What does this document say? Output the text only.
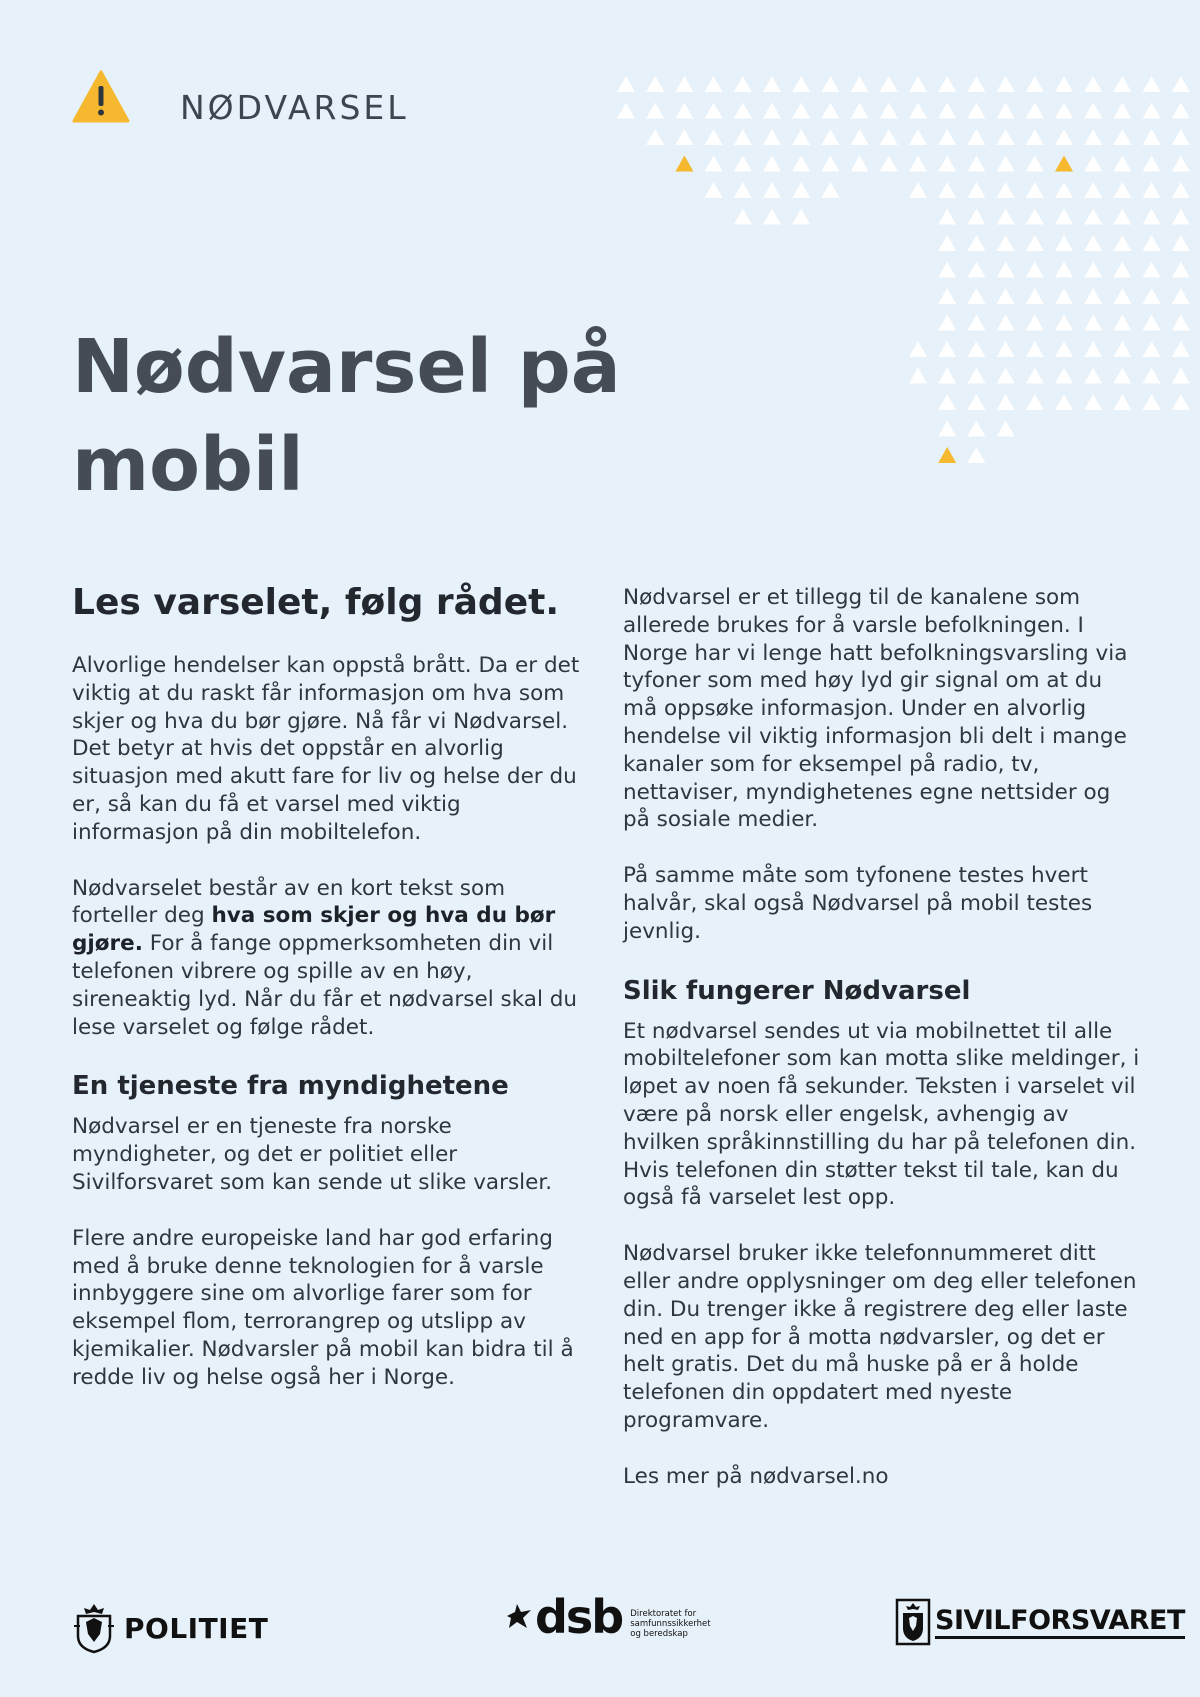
NØDVARSEL
Nødvarsel på
mobil
Les varselet, følg rådet.

Alvorlige hendelser kan oppstå brått. Da er det viktig at du raskt får informasjon om hva som skjer og hva du bør gjøre. Nå får vi Nødvarsel. Det betyr at hvis det oppstår en alvorlig situasjon med akutt fare for liv og helse der du er, så kan du få et varsel med viktig informasjon på din mobiltelefon.

Nødvarselet består av en kort tekst som forteller deg hva som skjer og hva du bør gjøre. For å fange oppmerksomheten din vil telefonen vibrere og spille av en høy, sireneaktig lyd. Når du får et nødvarsel skal du lese varselet og følge rådet.

En tjeneste fra myndighetene

Nødvarsel er en tjeneste fra norske myndigheter, og det er politiet eller Sivilforsvaret som kan sende ut slike varsler.

Flere andre europeiske land har god erfaring med å bruke denne teknologien for å varsle innbyggere sine om alvorlige farer som for eksempel flom, terrorangrep og utslipp av kjemikalier. Nødvarsler på mobil kan bidra til å redde liv og helse også her i Norge.

Nødvarsel er et tillegg til de kanalene som allerede brukes for å varsle befolkningen. I Norge har vi lenge hatt befolkningsvarsling via tyfoner som med høy lyd gir signal om at du må oppsøke informasjon. Under en alvorlig hendelse vil viktig informasjon bli delt i mange kanaler som for eksempel på radio, tv, nettaviser, myndighetenes egne nettsider og på sosiale medier.

På samme måte som tyfonene testes hvert halvår, skal også Nødvarsel på mobil testes jevnlig.

Slik fungerer Nødvarsel

Et nødvarsel sendes ut via mobilnettet til alle mobiltelefoner som kan motta slike meldinger, i løpet av noen få sekunder. Teksten i varselet vil være på norsk eller engelsk, avhengig av hvilken språkinnstilling du har på telefonen din. Hvis telefonen din støtter tekst til tale, kan du også få varselet lest opp.

Nødvarsel bruker ikke telefonnummeret ditt eller andre opplysninger om deg eller telefonen din. Du trenger ikke å registrere deg eller laste ned en app for å motta nødvarsler, og det er helt gratis. Det du må huske på er å holde telefonen din oppdatert med nyeste programvare.

Les mer på nødvarsel.no

POLITIET	dsb Direktoratet for samfunnssikkerhet og beredskap	SIVILFORSVARET
